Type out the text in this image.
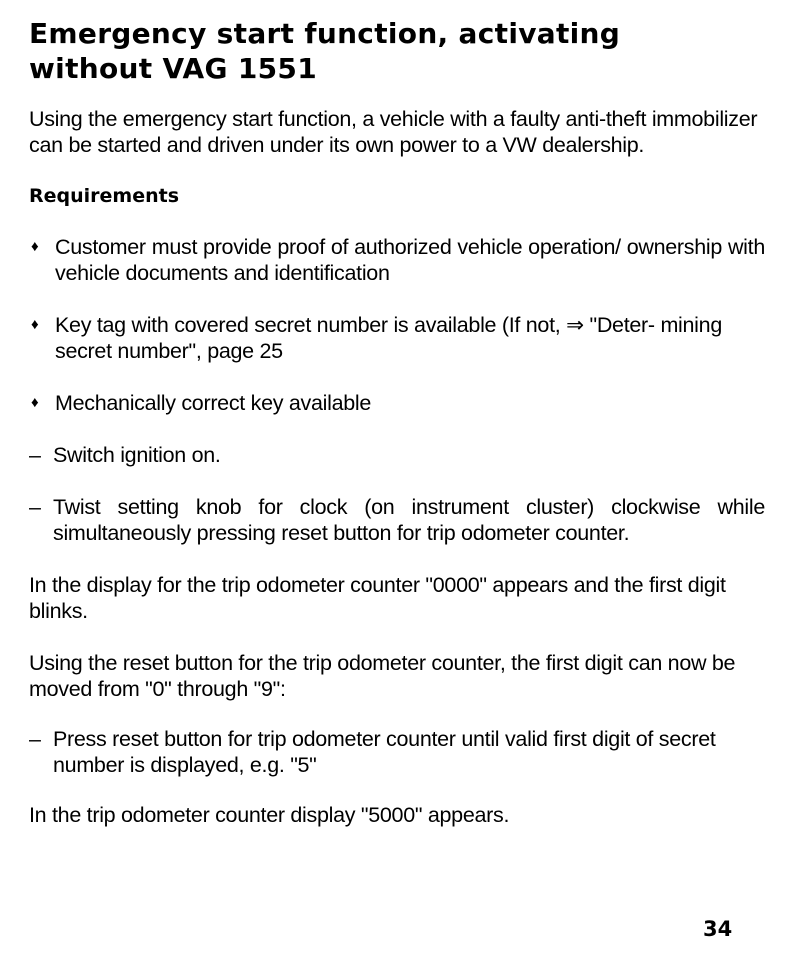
Emergency start function, activating
without VAG 1551

Using the emergency start function, a vehicle with a faulty anti-theft immobilizer can be started and driven under its own power to a VW dealership.

Requirements
♦ Customer must provide proof of authorized vehicle operation/ ownership with vehicle documents and identification
♦ Key tag with covered secret number is available (If not, ⇒ "Deter- mining secret number", page 25
♦ Mechanically correct key available
– Switch ignition on.
– Twist setting knob for clock (on instrument cluster) clockwise while simultaneously pressing reset button for trip odometer counter.

In the display for the trip odometer counter "0000" appears and the first digit blinks.

Using the reset button for the trip odometer counter, the first digit can now be moved from "0" through "9":

– Press reset button for trip odometer counter until valid first digit of secret number is displayed, e.g. "5"

In the trip odometer counter display "5000" appears.

34
